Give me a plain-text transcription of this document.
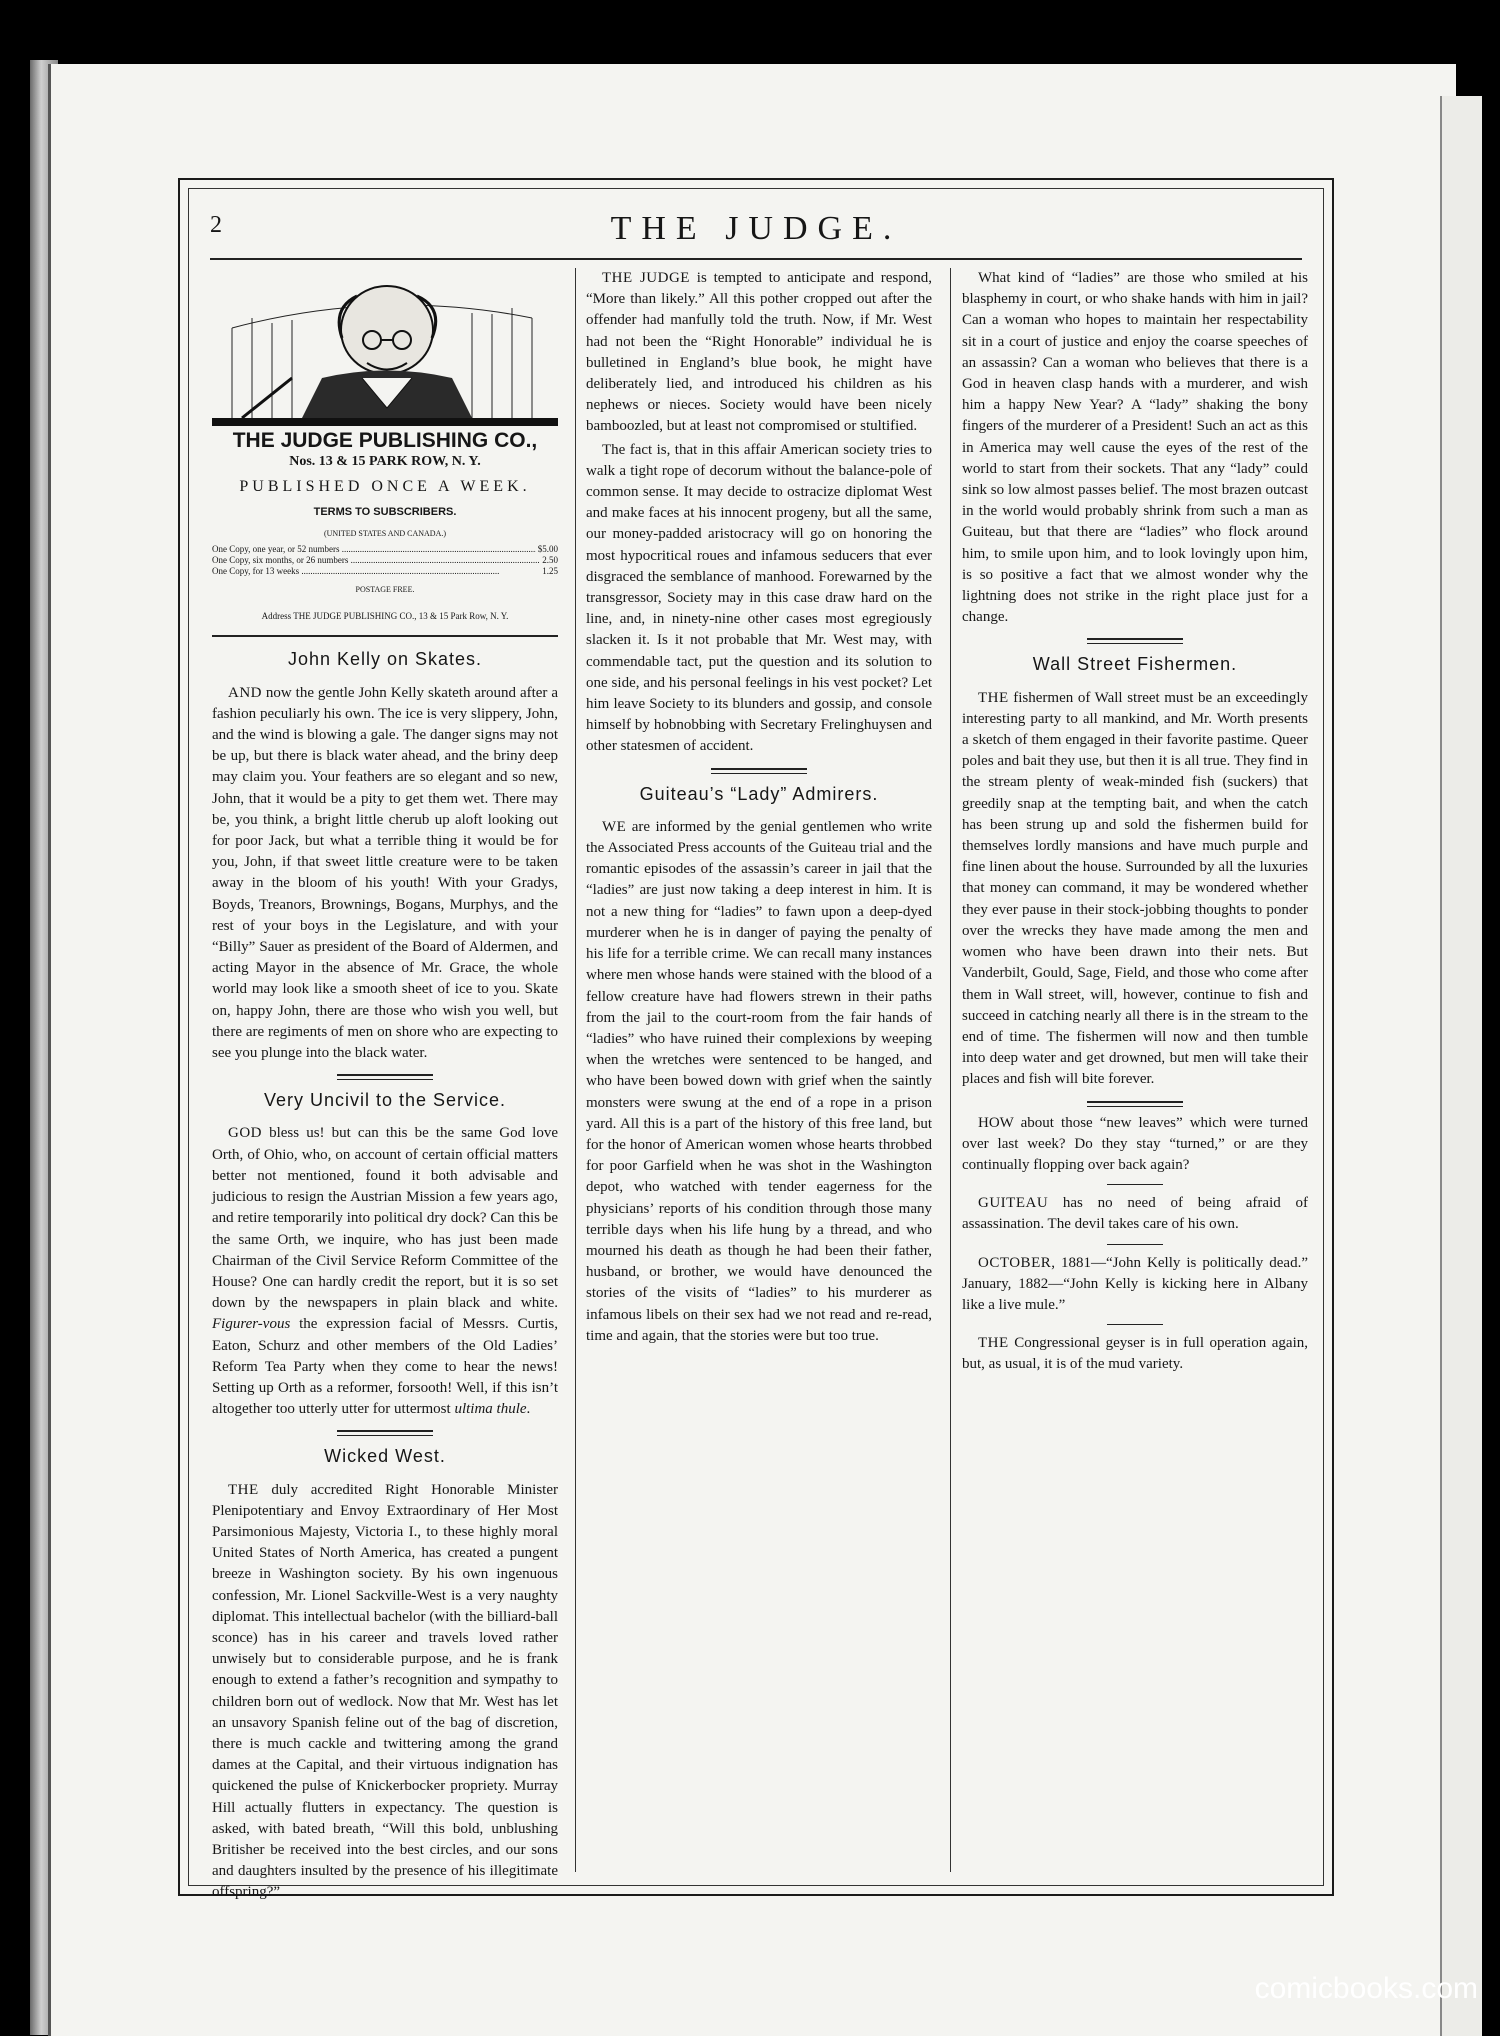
2	THE JUDGE.
THE JUDGE PUBLISHING CO.,
Nos. 13 & 15 PARK ROW, N. Y.
PUBLISHED ONCE A WEEK.
TERMS TO SUBSCRIBERS.
(UNITED STATES AND CANADA.)
One Copy, one year, or 52 numbers .....	$5.00
One Copy, six months, or 26 numbers .....	2.50
One Copy, for 13 weeks .....	1.25
POSTAGE FREE.
Address THE JUDGE PUBLISHING CO., 13 & 15 Park Row, N. Y.
John Kelly on Skates.

AND now the gentle John Kelly skateth around after a fashion peculiarly his own. The ice is very slippery, John, and the wind is blowing a gale. The danger signs may not be up, but there is black water ahead, and the briny deep may claim you. Your feathers are so elegant and so new, John, that it would be a pity to get them wet. There may be, you think, a bright little cherub up aloft looking out for poor Jack, but what a terrible thing it would be for you, John, if that sweet little creature were to be taken away in the bloom of his youth! With your Gradys, Boyds, Treanors, Brownings, Bogans, Murphys, and the rest of your boys in the Legislature, and with your “Billy” Sauer as president of the Board of Aldermen, and acting Mayor in the absence of Mr. Grace, the whole world may look like a smooth sheet of ice to you. Skate on, happy John, there are those who wish you well, but there are regiments of men on shore who are expecting to see you plunge into the black water.

Very Uncivil to the Service.

GOD bless us! but can this be the same God love Orth, of Ohio, who, on account of certain official matters better not mentioned, found it both advisable and judicious to resign the Austrian Mission a few years ago, and retire temporarily into political dry dock? Can this be the same Orth, we inquire, who has just been made Chairman of the Civil Service Reform Committee of the House? One can hardly credit the report, but it is so set down by the newspapers in plain black and white. Figurer-vous the expression facial of Messrs. Curtis, Eaton, Schurz and other members of the Old Ladies’ Reform Tea Party when they come to hear the news! Setting up Orth as a reformer, forsooth! Well, if this isn’t altogether too utterly utter for uttermost ultima thule.

Wicked West.

THE duly accredited Right Honorable Minister Plenipotentiary and Envoy Extraordinary of Her Most Parsimonious Majesty, Victoria I., to these highly moral United States of North America, has created a pungent breeze in Washington society. By his own ingenuous confession, Mr. Lionel Sackville-West is a very naughty diplomat. This intellectual bachelor (with the billiard-ball sconce) has in his career and travels loved rather unwisely but to considerable purpose, and he is frank enough to extend a father’s recognition and sympathy to children born out of wedlock. Now that Mr. West has let an unsavory Spanish feline out of the bag of discretion, there is much cackle and twittering among the grand dames at the Capital, and their virtuous indignation has quickened the pulse of Knickerbocker propriety. Murray Hill actually flutters in expectancy. The question is asked, with bated breath, “Will this bold, unblushing Britisher be received into the best circles, and our sons and daughters insulted by the presence of his illegitimate offspring?”

THE JUDGE is tempted to anticipate and respond, “More than likely.” All this pother cropped out after the offender had manfully told the truth. Now, if Mr. West had not been the “Right Honorable” individual he is bulletined in England’s blue book, he might have deliberately lied, and introduced his children as his nephews or nieces. Society would have been nicely bamboozled, but at least not compromised or stultified.

The fact is, that in this affair American society tries to walk a tight rope of decorum without the balance-pole of common sense. It may decide to ostracize diplomat West and make faces at his innocent progeny, but all the same, our money-padded aristocracy will go on honoring the most hypocritical roues and infamous seducers that ever disgraced the semblance of manhood. Forewarned by the transgressor, Society may in this case draw hard on the line, and, in ninety-nine other cases most egregiously slacken it. Is it not probable that Mr. West may, with commendable tact, put the question and its solution to one side, and his personal feelings in his vest pocket? Let him leave Society to its blunders and gossip, and console himself by hobnobbing with Secretary Frelinghuysen and other statesmen of accident.

Guiteau’s “Lady” Admirers.

WE are informed by the genial gentlemen who write the Associated Press accounts of the Guiteau trial and the romantic episodes of the assassin’s career in jail that the “ladies” are just now taking a deep interest in him. It is not a new thing for “ladies” to fawn upon a deep-dyed murderer when he is in danger of paying the penalty of his life for a terrible crime. We can recall many instances where men whose hands were stained with the blood of a fellow creature have had flowers strewn in their paths from the jail to the court-room from the fair hands of “ladies” who have ruined their complexions by weeping when the wretches were sentenced to be hanged, and who have been bowed down with grief when the saintly monsters were swung at the end of a rope in a prison yard. All this is a part of the history of this free land, but for the honor of American women whose hearts throbbed for poor Garfield when he was shot in the Washington depot, who watched with tender eagerness for the physicians’ reports of his condition through those many terrible days when his life hung by a thread, and who mourned his death as though he had been their father, husband, or brother, we would have denounced the stories of the visits of “ladies” to his murderer as infamous libels on their sex had we not read and re-read, time and again, that the stories were but too true.

What kind of “ladies” are those who smiled at his blasphemy in court, or who shake hands with him in jail? Can a woman who hopes to maintain her respectability sit in a court of justice and enjoy the coarse speeches of an assassin? Can a woman who believes that there is a God in heaven clasp hands with a murderer, and wish him a happy New Year? A “lady” shaking the bony fingers of the murderer of a President! Such an act as this in America may well cause the eyes of the rest of the world to start from their sockets. That any “lady” could sink so low almost passes belief. The most brazen outcast in the world would probably shrink from such a man as Guiteau, but that there are “ladies” who flock around him, to smile upon him, and to look lovingly upon him, is so positive a fact that we almost wonder why the lightning does not strike in the right place just for a change.

Wall Street Fishermen.

THE fishermen of Wall street must be an exceedingly interesting party to all mankind, and Mr. Worth presents a sketch of them engaged in their favorite pastime. Queer poles and bait they use, but then it is all true. They find in the stream plenty of weak-minded fish (suckers) that greedily snap at the tempting bait, and when the catch has been strung up and sold the fishermen build for themselves lordly mansions and have much purple and fine linen about the house. Surrounded by all the luxuries that money can command, it may be wondered whether they ever pause in their stock-jobbing thoughts to ponder over the wrecks they have made among the men and women who have been drawn into their nets. But Vanderbilt, Gould, Sage, Field, and those who come after them in Wall street, will, however, continue to fish and succeed in catching nearly all there is in the stream to the end of time. The fishermen will now and then tumble into deep water and get drowned, but men will take their places and fish will bite forever.

HOW about those “new leaves” which were turned over last week? Do they stay “turned,” or are they continually flopping over back again?

GUITEAU has no need of being afraid of assassination. The devil takes care of his own.

OCTOBER, 1881—“John Kelly is politically dead.” January, 1882—“John Kelly is kicking here in Albany like a live mule.”

THE Congressional geyser is in full operation again, but, as usual, it is of the mud variety.

comicbooks.com
